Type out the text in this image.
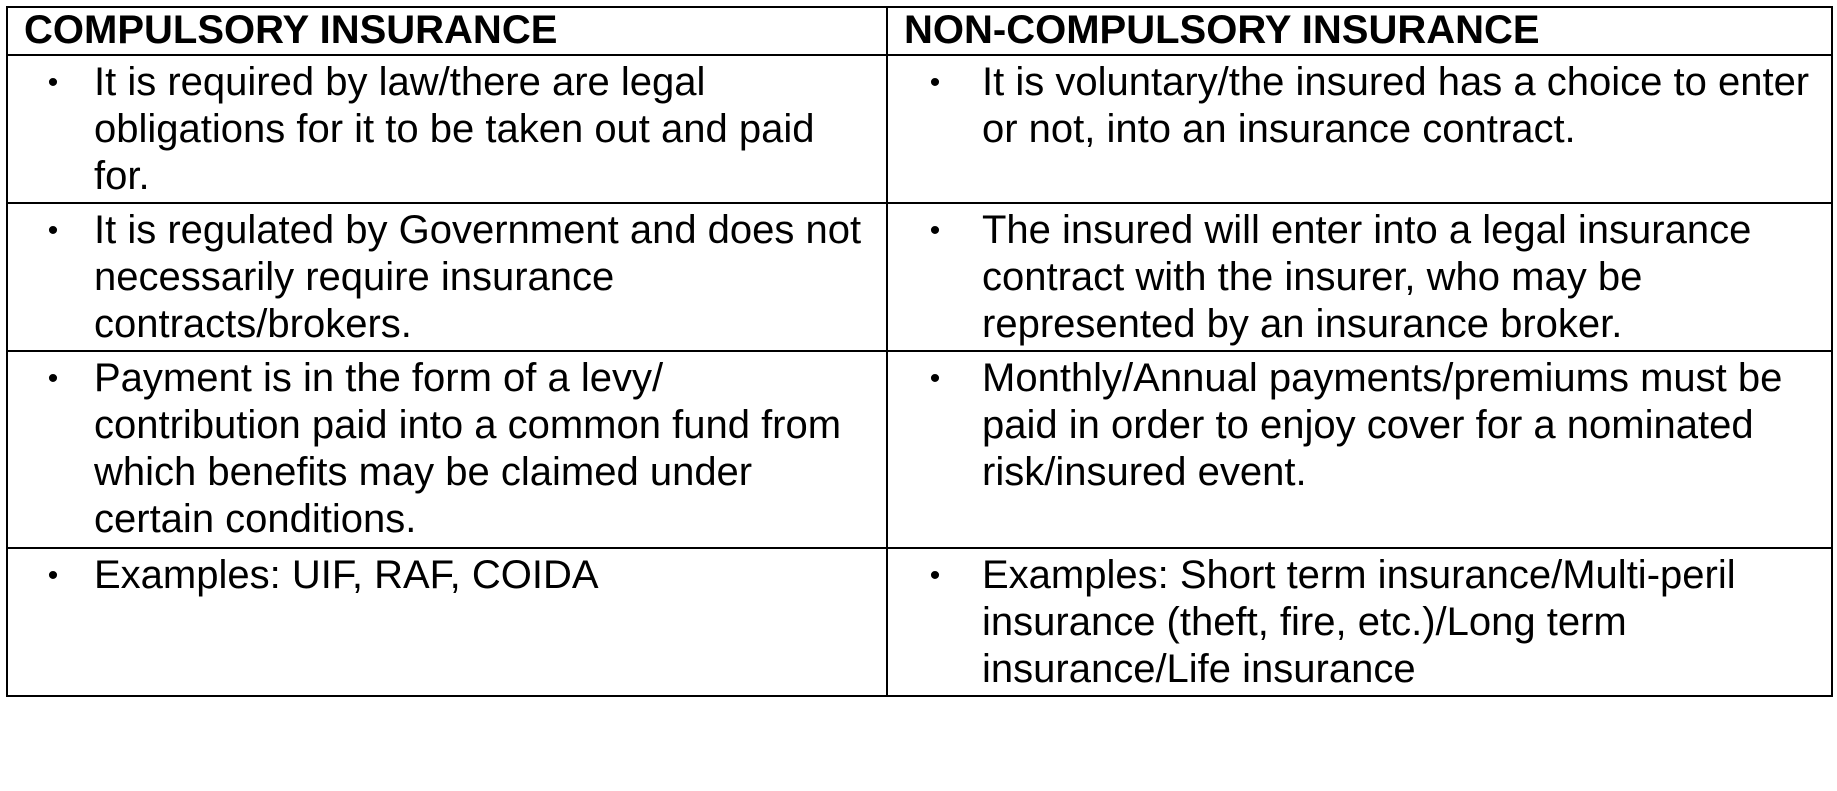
COMPULSORY INSURANCE	NON-COMPULSORY INSURANCE

• It is required by law/there are legal obligations for it to be taken out and paid for.	• It is voluntary/the insured has a choice to enter or not, into an insurance contract.

• It is regulated by Government and does not necessarily require insurance contracts/brokers.	• The insured will enter into a legal insurance contract with the insurer, who may be represented by an insurance broker.

• Payment is in the form of a levy/ contribution paid into a common fund from which benefits may be claimed under certain conditions.	• Monthly/Annual payments/premiums must be paid in order to enjoy cover for a nominated risk/insured event.

• Examples: UIF, RAF, COIDA	• Examples: Short term insurance/Multi-peril insurance (theft, fire, etc.)/Long term insurance/Life insurance
